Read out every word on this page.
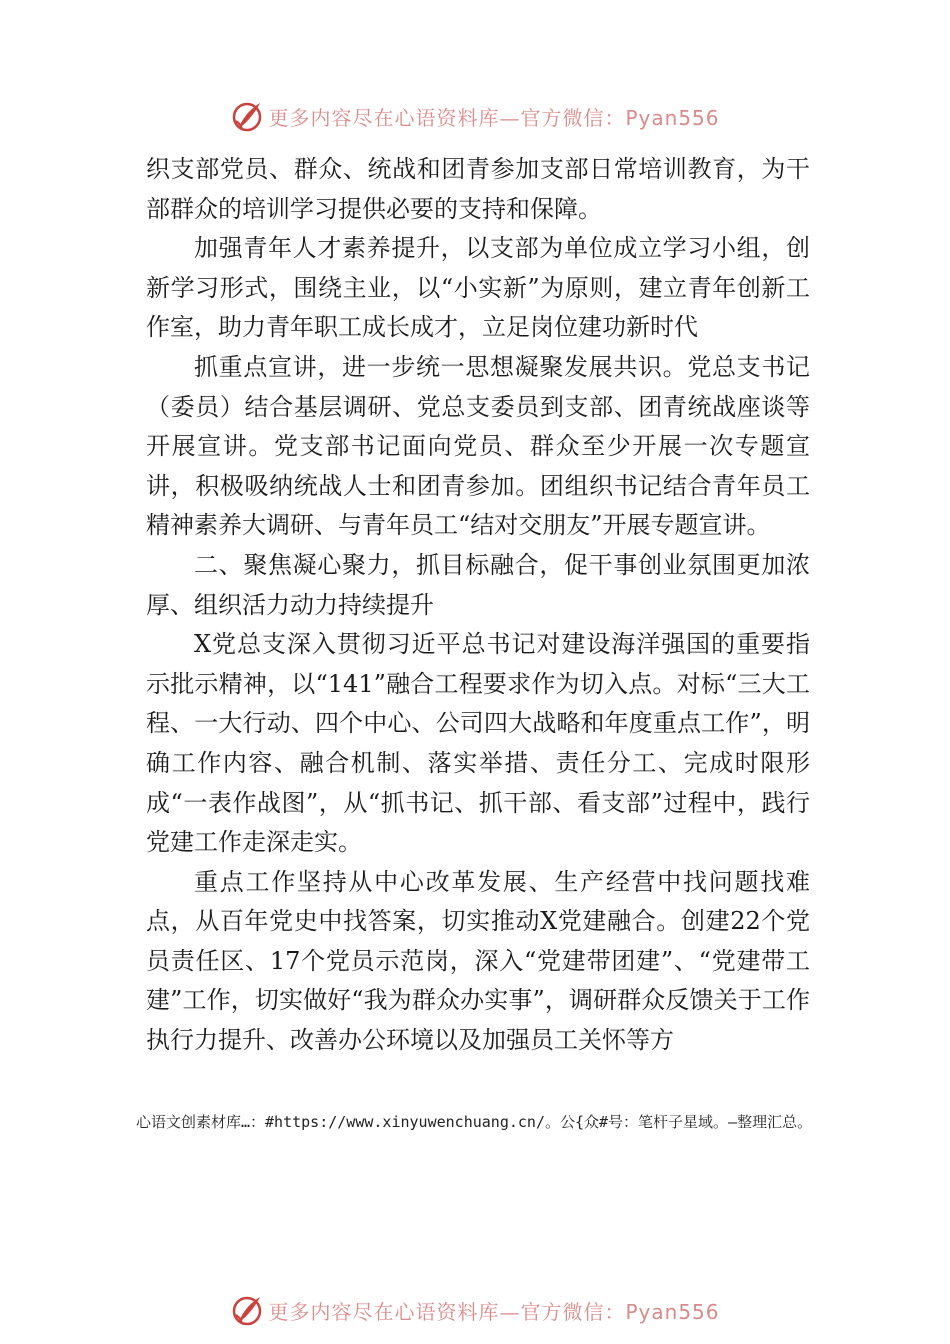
更多内容尽在心语资料库—官方微信：Pyan556

织支部党员、群众、统战和团青参加支部日常培训教育，为干部群众的培训学习提供必要的支持和保障。

加强青年人才素养提升，以支部为单位成立学习小组，创新学习形式，围绕主业，以“小实新”为原则，建立青年创新工作室，助力青年职工成长成才，立足岗位建功新时代

抓重点宣讲，进一步统一思想凝聚发展共识。党总支书记（委员）结合基层调研、党总支委员到支部、团青统战座谈等开展宣讲。党支部书记面向党员、群众至少开展一次专题宣讲，积极吸纳统战人士和团青参加。团组织书记结合青年员工精神素养大调研、与青年员工“结对交朋友”开展专题宣讲。

二、聚焦凝心聚力，抓目标融合，促干事创业氛围更加浓厚、组织活力动力持续提升

X党总支深入贯彻习近平总书记对建设海洋强国的重要指示批示精神，以“141”融合工程要求作为切入点。对标“三大工程、一大行动、四个中心、公司四大战略和年度重点工作”，明确工作内容、融合机制、落实举措、责任分工、完成时限形成“一表作战图”，从“抓书记、抓干部、看支部”过程中，践行党建工作走深走实。

重点工作坚持从中心改革发展、生产经营中找问题找难点，从百年党史中找答案，切实推动X党建融合。创建22个党员责任区、17个党员示范岗，深入“党建带团建”、“党建带工建”工作，切实做好“我为群众办实事”，调研群众反馈关于工作执行力提升、改善办公环境以及加强员工关怀等方

心语文创素材库…：#https://www.xinyuwenchuang.cn/。公{众#号：笔杆子星域。—整理汇总。
更多内容尽在心语资料库—官方微信：Pyan556
